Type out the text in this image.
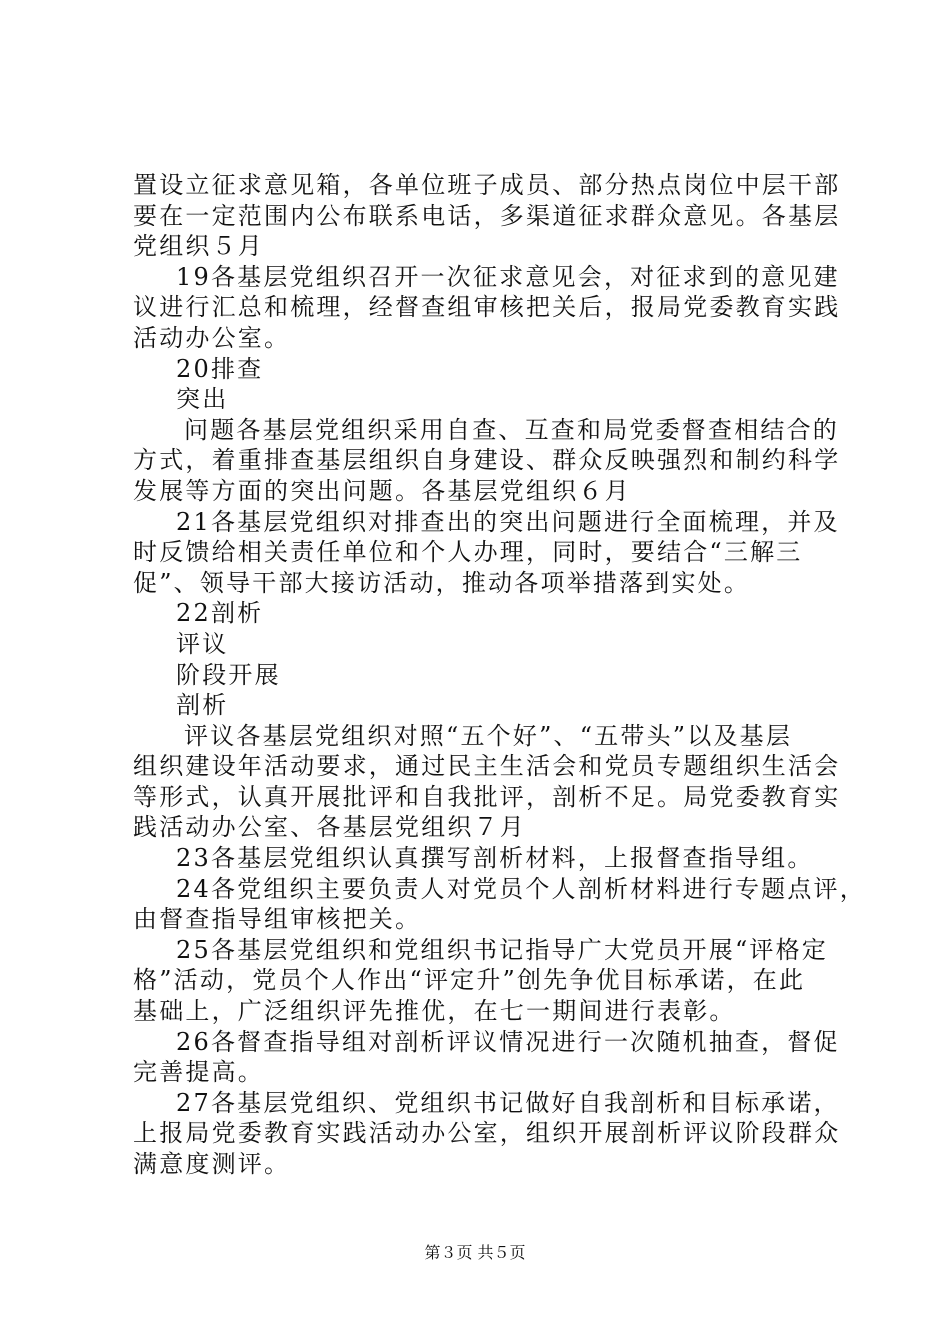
置设立征求意见箱，各单位班子成员、部分热点岗位中层干部
要在一定范围内公布联系电话，多渠道征求群众意见。各基层
党组织５月
19各基层党组织召开一次征求意见会，对征求到的意见建
议进行汇总和梳理，经督查组审核把关后，报局党委教育实践
活动办公室。
20排查
突出
问题各基层党组织采用自查、互查和局党委督查相结合的
方式，着重排查基层组织自身建设、群众反映强烈和制约科学
发展等方面的突出问题。各基层党组织６月
21各基层党组织对排查出的突出问题进行全面梳理，并及
时反馈给相关责任单位和个人办理，同时，要结合“三解三
促”、领导干部大接访活动，推动各项举措落到实处。
22剖析
评议
阶段开展
剖析
评议各基层党组织对照“五个好”、“五带头”以及基层
组织建设年活动要求，通过民主生活会和党员专题组织生活会
等形式，认真开展批评和自我批评，剖析不足。局党委教育实
践活动办公室、各基层党组织７月
23各基层党组织认真撰写剖析材料，上报督查指导组。
24各党组织主要负责人对党员个人剖析材料进行专题点评，
由督查指导组审核把关。
25各基层党组织和党组织书记指导广大党员开展“评格定
格”活动，党员个人作出“评定升”创先争优目标承诺，在此
基础上，广泛组织评先推优，在七一期间进行表彰。
26各督查指导组对剖析评议情况进行一次随机抽查，督促
完善提高。
27各基层党组织、党组织书记做好自我剖析和目标承诺，
上报局党委教育实践活动办公室，组织开展剖析评议阶段群众
满意度测评。
第３页 共５页
